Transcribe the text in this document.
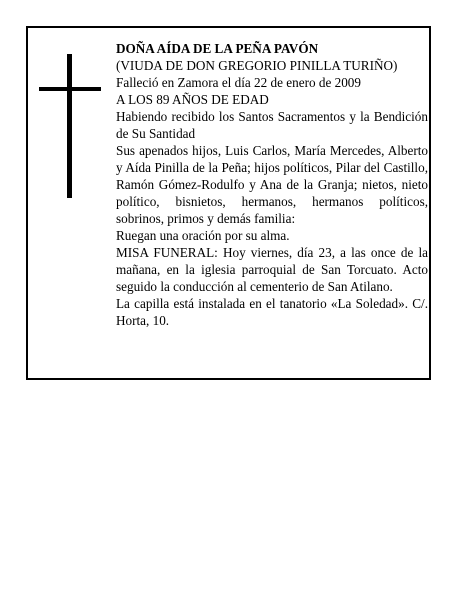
DOÑA AÍDA DE LA PEÑA PAVÓN

(VIUDA DE DON GREGORIO PINILLA TURIÑO)

Falleció en Zamora el día 22 de enero de 2009

A LOS 89 AÑOS DE EDAD

Habiendo recibido los Santos Sacramentos y la Bendición de Su Santidad

Sus apenados hijos, Luis Carlos, María Mercedes, Alberto y Aída Pinilla de la Peña; hijos políticos, Pilar del Castillo, Ramón Gómez-Rodulfo y Ana de la Granja; nietos, nieto político, bisnietos, hermanos, hermanos políticos, sobrinos, primos y demás familia:

Ruegan una oración por su alma.

MISA FUNERAL: Hoy viernes, día 23, a las once de la mañana, en la iglesia parroquial de San Torcuato. Acto seguido la conducción al cementerio de San Atilano.

La capilla está instalada en el tanatorio «La Soledad». C/. Horta, 10.
